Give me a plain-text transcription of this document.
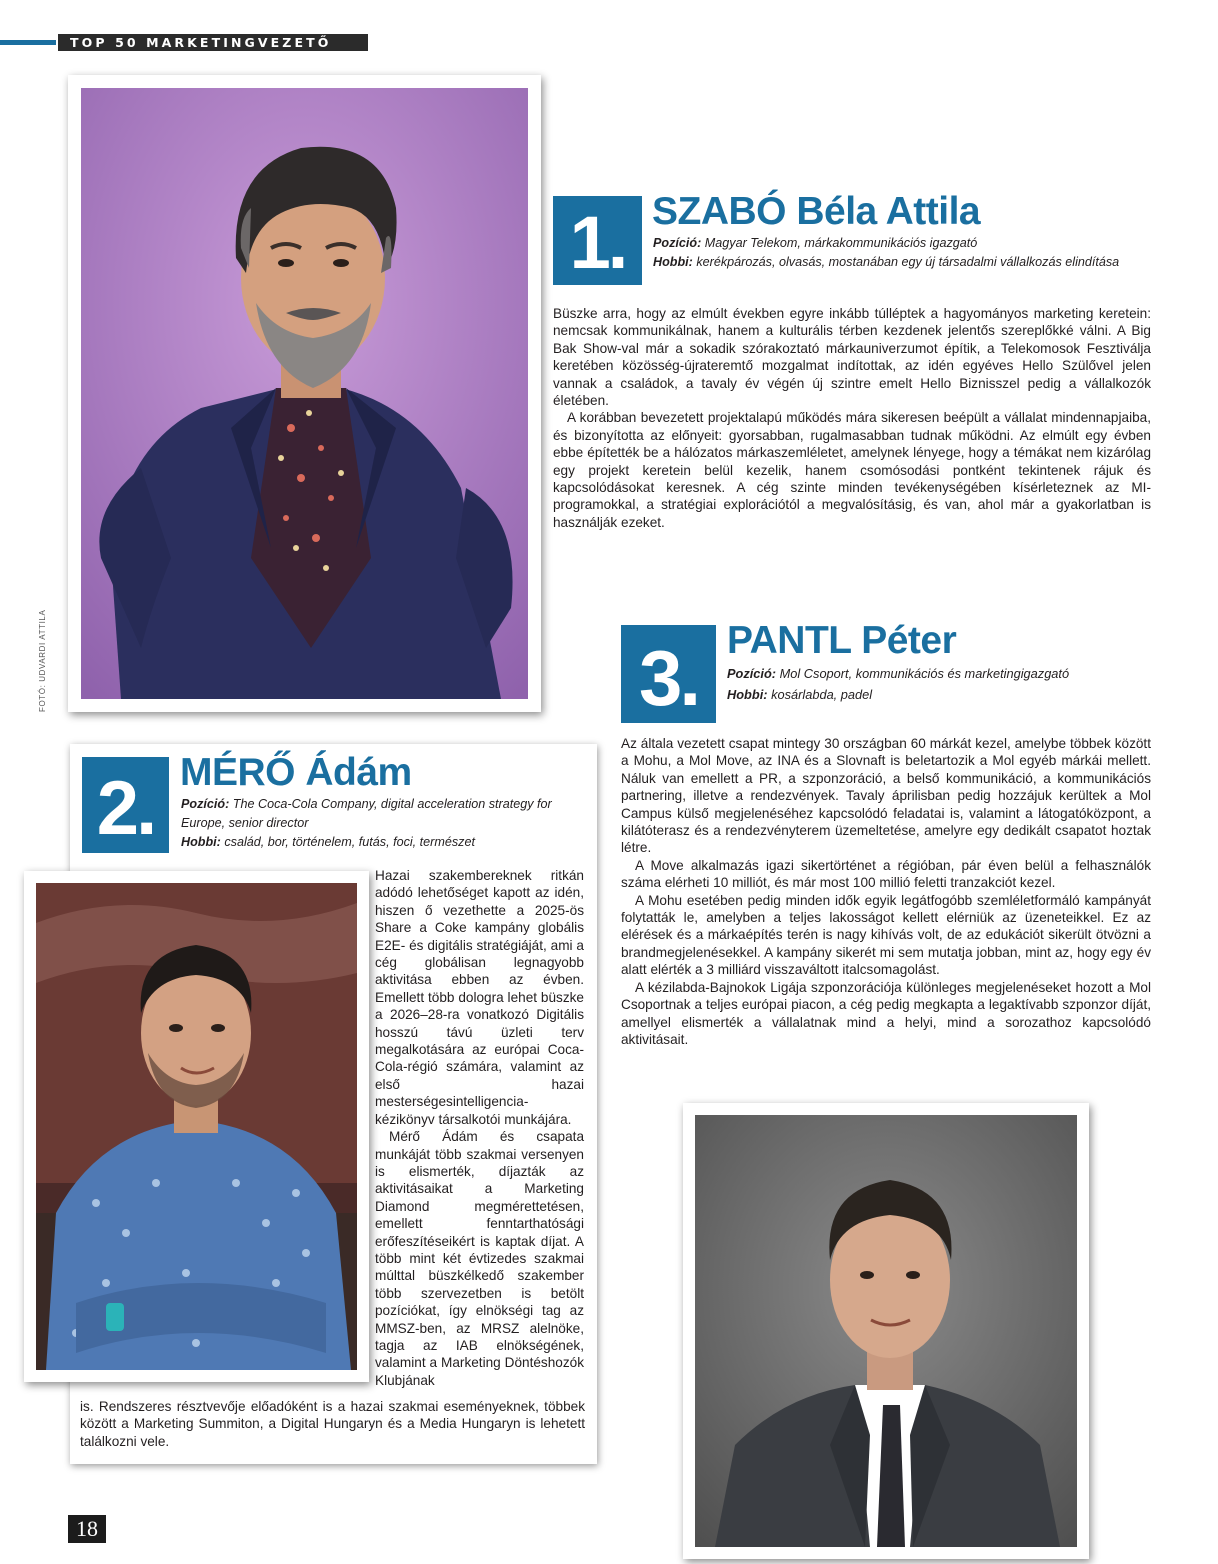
TOP 50 MARKETINGVEZETŐ
FOTÓ: UDVARDI ATTILA
1. SZABÓ Béla Attila
Pozíció: Magyar Telekom, márkakommunikációs igazgató
Hobbi: kerékpározás, olvasás, mostanában egy új társadalmi vállalkozás elindítása

Büszke arra, hogy az elmúlt években egyre inkább túlléptek a hagyományos marketing keretein: nemcsak kommunikálnak, hanem a kulturális térben kezdenek jelentős szereplőkké válni. A Big Bak Show-val már a sokadik szórakoztató márkauniverzumot építik, a Telekomosok Fesztiválja keretében közösség-újrateremtő mozgalmat indítottak, az idén egyéves Hello Szülővel jelen vannak a családok, a tavaly év végén új szintre emelt Hello Biznisszel pedig a vállalkozók életében.

A korábban bevezetett projektalapú működés mára sikeresen beépült a vállalat mindennapjaiba, és bizonyította az előnyeit: gyorsabban, rugalmasabban tudnak működni. Az elmúlt egy évben ebbe építették be a hálózatos márkaszemléletet, amelynek lényege, hogy a témákat nem kizárólag egy projekt keretein belül kezelik, hanem csomósodási pontként tekintenek rájuk és kapcsolódásokat keresnek. A cég szinte minden tevékenységében kísérleteznek az MI-programokkal, a stratégiai explorációtól a megvalósításig, és van, ahol már a gyakorlatban is használják ezeket.

3. PANTL Péter
Pozíció: Mol Csoport, kommunikációs és marketingigazgató
Hobbi: kosárlabda, padel

Az általa vezetett csapat mintegy 30 országban 60 márkát kezel, amelybe többek között a Mohu, a Mol Move, az INA és a Slovnaft is beletartozik a Mol egyéb márkái mellett. Náluk van emellett a PR, a szponzoráció, a belső kommunikáció, a kommunikációs partnering, illetve a rendezvények. Tavaly áprilisban pedig hozzájuk kerültek a Mol Campus külső megjelenéséhez kapcsolódó feladatai is, valamint a látogatóközpont, a kilátóterasz és a rendezvényterem üzemeltetése, amelyre egy dedikált csapatot hoztak létre.

A Move alkalmazás igazi sikertörténet a régióban, pár éven belül a felhasználók száma elérheti 10 milliót, és már most 100 millió feletti tranzakciót kezel.

A Mohu esetében pedig minden idők egyik legátfogóbb szemléletformáló kampányát folytatták le, amelyben a teljes lakosságot kellett elérniük az üzeneteikkel. Ez az elérések és a márkaépítés terén is nagy kihívás volt, de az edukációt sikerült ötvözni a brandmegjelenésekkel. A kampány sikerét mi sem mutatja jobban, mint az, hogy egy év alatt elérték a 3 milliárd visszaváltott italcsomagolást.

A kézilabda-Bajnokok Ligája szponzorációja különleges megjelenéseket hozott a Mol Csoportnak a teljes európai piacon, a cég pedig megkapta a legaktívabb szponzor díját, amellyel elismerték a vállalatnak mind a helyi, mind a sorozathoz kapcsolódó aktivitásait.

2. MÉRŐ Ádám
Pozíció: The Coca-Cola Company, digital acceleration strategy for Europe, senior director
Hobbi: család, bor, történelem, futás, foci, természet

Hazai szakembereknek ritkán adódó lehetőséget kapott az idén, hiszen ő vezethette a 2025-ös Share a Coke kampány globális E2E- és digitális stratégiáját, ami a cég globálisan legnagyobb aktivitása ebben az évben. Emellett több dologra lehet büszke a 2026–28-ra vonatkozó Digitális hosszú távú üzleti terv megalkotására az európai Coca-Cola-régió számára, valamint az első hazai mesterségesintelligencia-kézikönyv társalkotói munkájára.

Mérő Ádám és csapata munkáját több szakmai versenyen is elismerték, díjazták az aktivitásaikat a Marketing Diamond megmérettetésen, emellett fenntarthatósági erőfeszítéseikért is kaptak díjat. A több mint két évtizedes szakmai múlttal büszkélkedő szakember több szervezetben is betölt pozíciókat, így elnökségi tag az MMSZ-ben, az MRSZ alelnöke, tagja az IAB elnökségének, valamint a Marketing Döntéshozók Klubjának

is. Rendszeres résztvevője előadóként is a hazai szakmai eseményeknek, többek között a Marketing Summiton, a Digital Hungaryn és a Media Hungaryn is lehetett találkozni vele.

18
